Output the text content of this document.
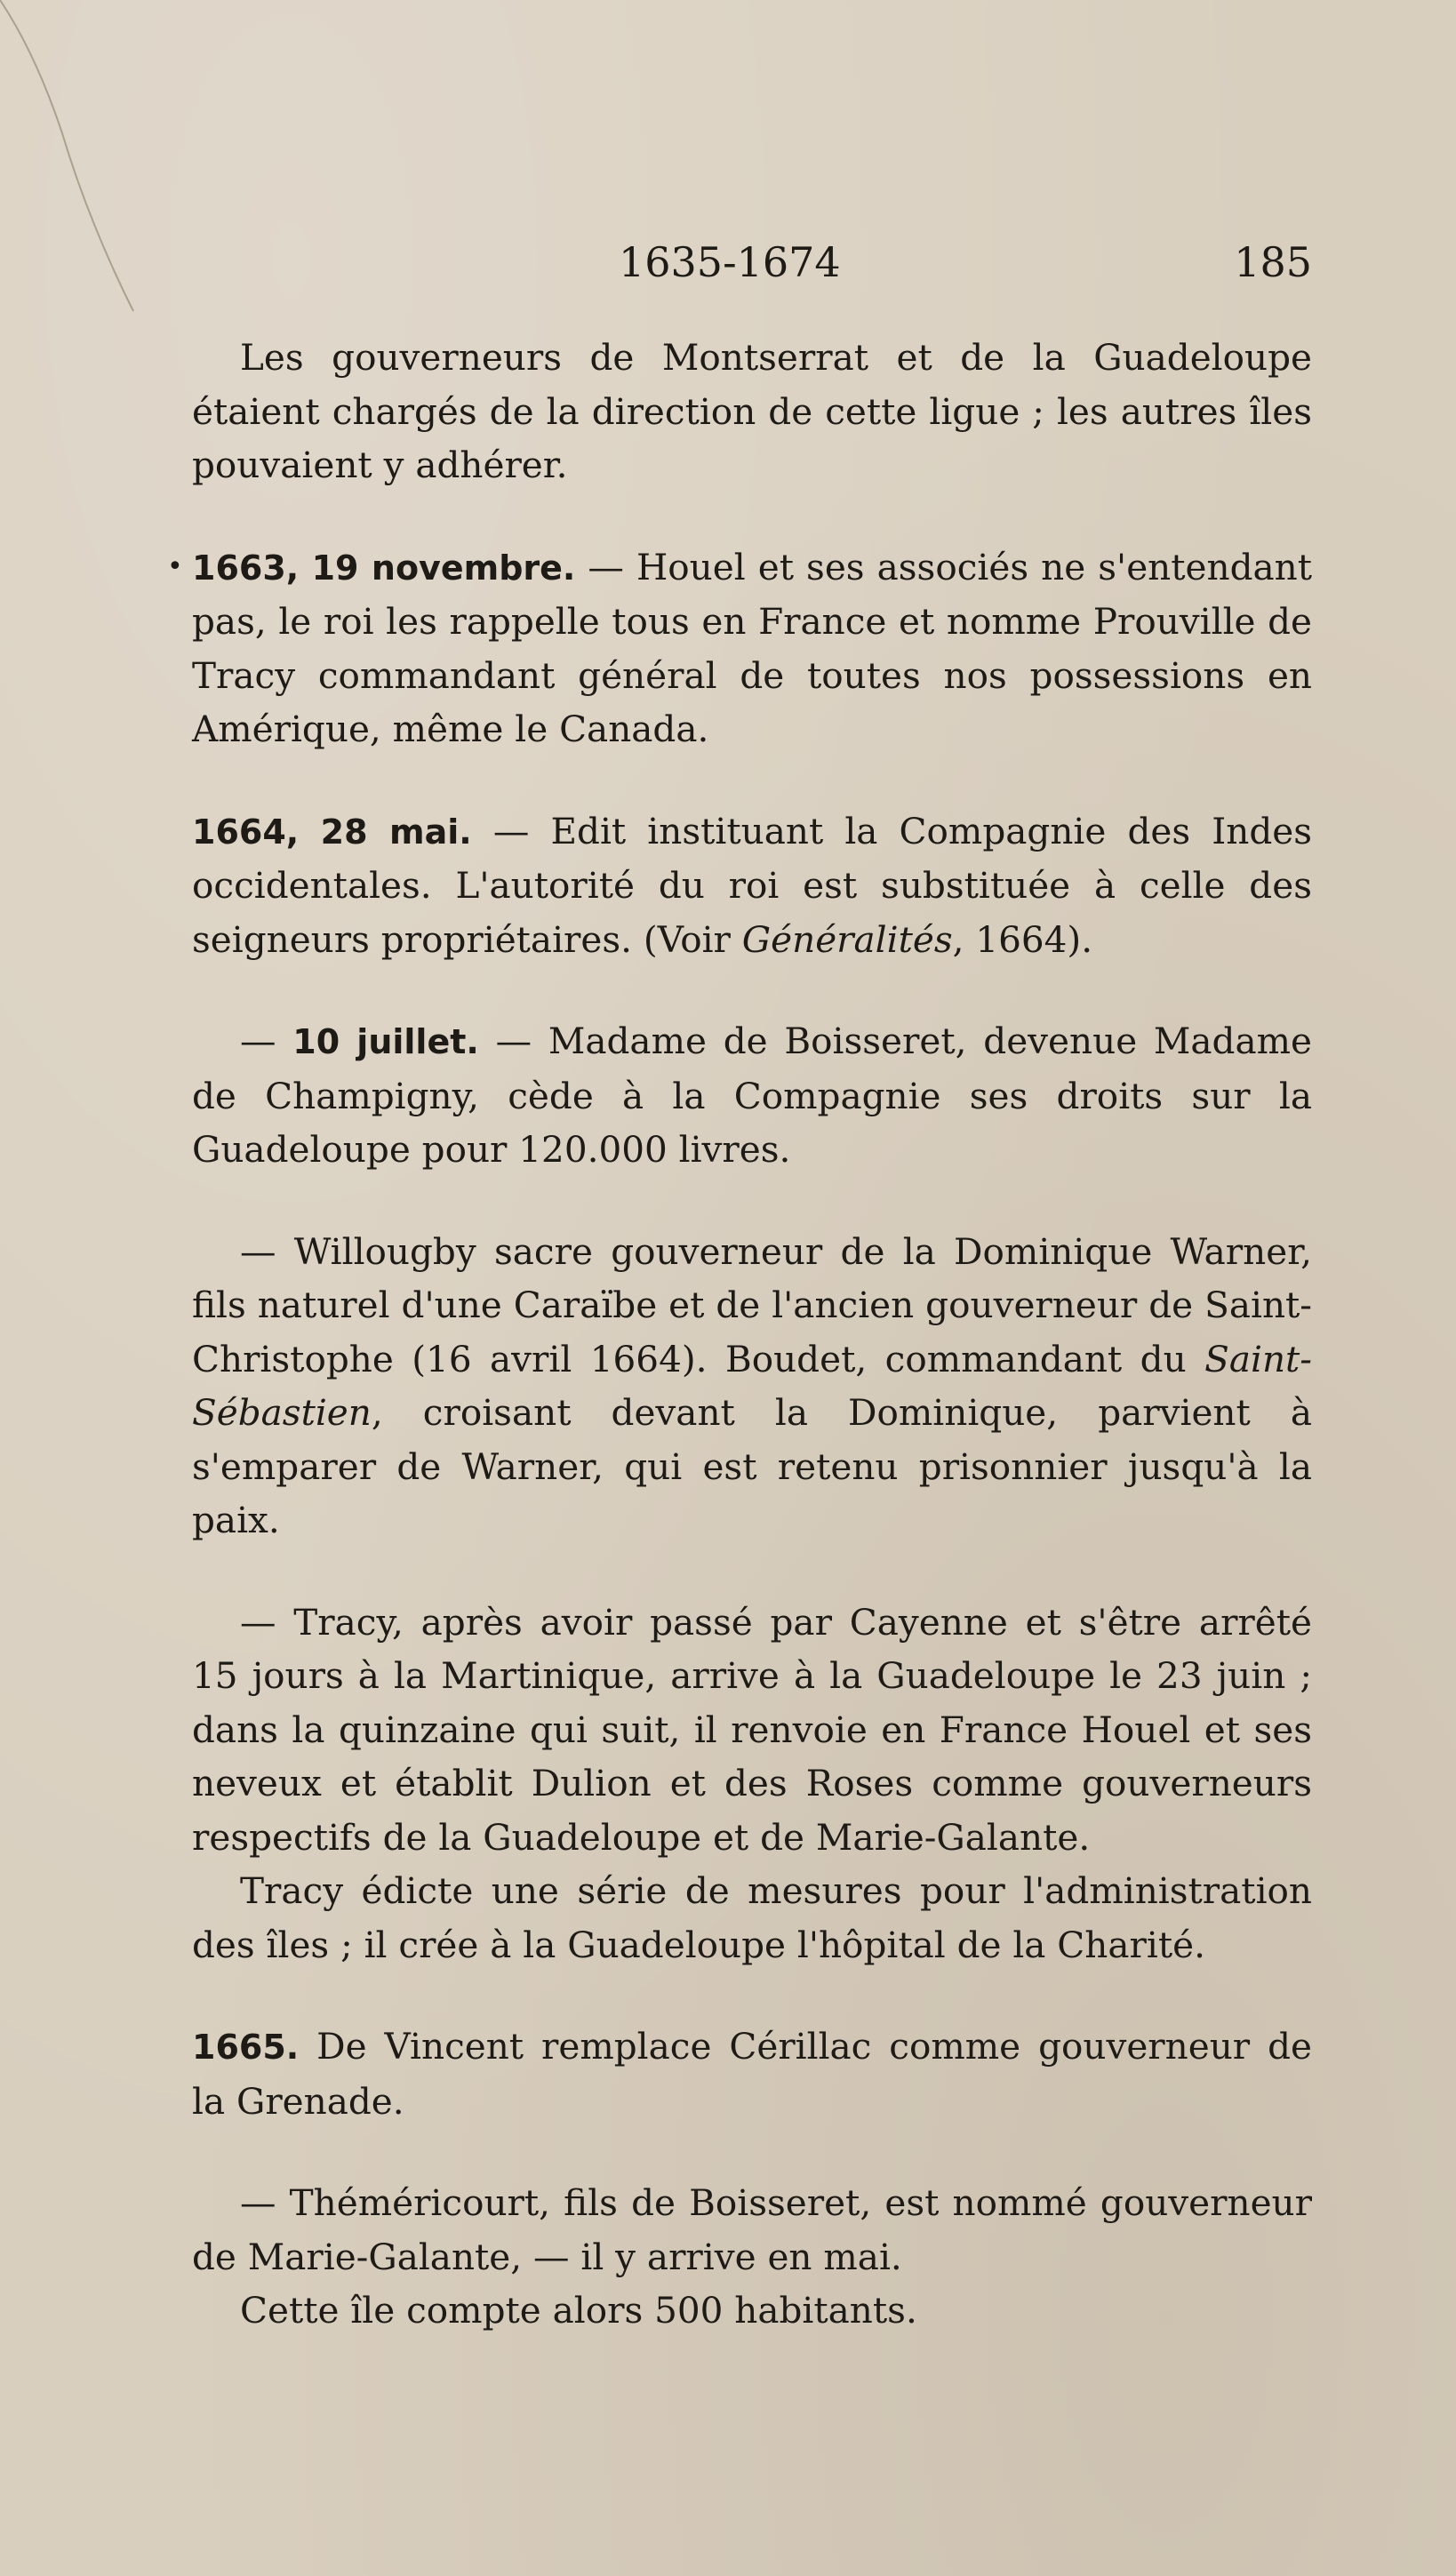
1635-1674	185

Les gouverneurs de Montserrat et de la Guadeloupe étaient chargés de la direction de cette ligue ; les autres îles pouvaient y adhérer.

• 1663, 19 novembre. — Houel et ses associés ne s'entendant pas, le roi les rappelle tous en France et nomme Prouville de Tracy commandant général de toutes nos possessions en Amérique, même le Canada.

1664, 28 mai. — Edit instituant la Compagnie des Indes occidentales. L'autorité du roi est substituée à celle des seigneurs propriétaires. (Voir Généralités, 1664).

— 10 juillet. — Madame de Boisseret, devenue Madame de Champigny, cède à la Compagnie ses droits sur la Guadeloupe pour 120.000 livres.

— Willougby sacre gouverneur de la Dominique Warner, fils naturel d'une Caraïbe et de l'ancien gouverneur de Saint-Christophe (16 avril 1664). Boudet, commandant du Saint-Sébastien, croisant devant la Dominique, parvient à s'emparer de Warner, qui est retenu prisonnier jusqu'à la paix.

— Tracy, après avoir passé par Cayenne et s'être arrêté 15 jours à la Martinique, arrive à la Guadeloupe le 23 juin ; dans la quinzaine qui suit, il renvoie en France Houel et ses neveux et établit Dulion et des Roses comme gouverneurs respectifs de la Guadeloupe et de Marie-Galante.

Tracy édicte une série de mesures pour l'administration des îles ; il crée à la Guadeloupe l'hôpital de la Charité.

1665. De Vincent remplace Cérillac comme gouverneur de la Grenade.

— Théméricourt, fils de Boisseret, est nommé gouverneur de Marie-Galante, — il y arrive en mai.

Cette île compte alors 500 habitants.
